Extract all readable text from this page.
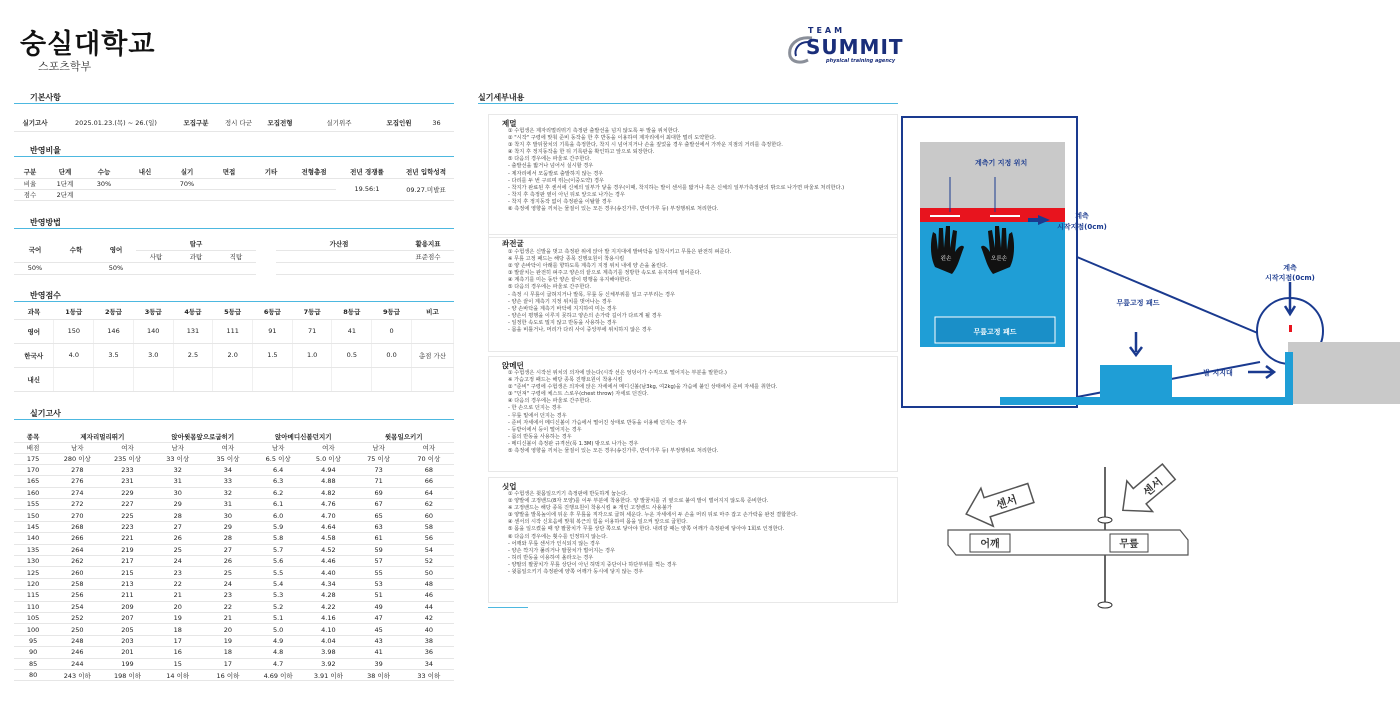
숭실대학교
스포츠학부
TEAM
SUMMIT
physical training agency
기본사항
실기고사	2025.01.23.(목) ~ 26.(일)	모집구분	정시 다군	모집전형	실기위주	모집인원	36
반영비율
구분	단계	수능	내신	실기	면접	기타	전형총점	전년 경쟁률	전년 입학성적
비율	1단계	30%		70%				19.56:1	09.27.미발표
점수	2단계								
반영방법
국어	수학	영어	탐구				가산점	활용지표
			사탐	과탐	직탐			표준점수
50%		50%						
반영점수
과목	1등급	2등급	3등급	4등급	5등급	6등급	7등급	8등급	9등급	비고
영어	150	146	140	131	111	91	71	41	0	
한국사	4.0	3.5	3.0	2.5	2.0	1.5	1.0	0.5	0.0	총점 가산
내신										
실기고사
종목	제자리멀리뛰기		앉아윗몸앞으로굽히기		앉아메디신볼던지기		윗몸일으키기	
배점	남자	여자	남자	여자	남자	여자	남자	여자
175	280 이상	235 이상	33 이상	35 이상	6.5 이상	5.0 이상	75 이상	70 이상
170	278	233	32	34	6.4	4.94	73	68
165	276	231	31	33	6.3	4.88	71	66
160	274	229	30	32	6.2	4.82	69	64
155	272	227	29	31	6.1	4.76	67	62
150	270	225	28	30	6.0	4.70	65	60
145	268	223	27	29	5.9	4.64	63	58
140	266	221	26	28	5.8	4.58	61	56
135	264	219	25	27	5.7	4.52	59	54
130	262	217	24	26	5.6	4.46	57	52
125	260	215	23	25	5.5	4.40	55	50
120	258	213	22	24	5.4	4.34	53	48
115	256	211	21	23	5.3	4.28	51	46
110	254	209	20	22	5.2	4.22	49	44
105	252	207	19	21	5.1	4.16	47	42
100	250	205	18	20	5.0	4.10	45	40
95	248	203	17	19	4.9	4.04	43	38
90	246	201	16	18	4.8	3.98	41	36
85	244	199	15	17	4.7	3.92	39	34
80	243 이하	198 이하	14 이하	16 이하	4.69 이하	3.91 이하	38 이하	33 이하
실기세부내용
제멀
① 수험생은 제자리멀리뛰기 측정판 출발선을 넘지 않도록 두 발을 위치한다.
② "시작" 구령에 맞춰 준비 동작을 한 후 반동을 이용하여 제자리에서 최대한 멀리 도약한다.
③ 착지 후 발뒤꿈치의 기록을 측정한다, 착지 시 넘어지거나 손을 짚었을 경우 출발선에서 가까운 지점의 거리를 측정한다.
④ 착지 후 정지동작을 한 뒤 기록판을 확인하고 앞으로 퇴장한다.
⑤ 다음의 경우에는 파울로 간주한다.
- 출발선을 밟거나 넘어서 실시할 경우
- 제자리에서 모둠발로 출발하지 않는 경우
- 다리를 두 번 구르며 뛰는(이중도약) 경우
- 착지가 완료된 후 센서에 신체의 일부가 닿을 경우(이때, 착지하는 발이 센서를 밟거나 혹은 신체의 일부가측정판의 밖으로 나가면 파울로 처리한다.)
- 착지 후 측정판 옆이 아닌 뒤로 앞으로 나가는 경우
- 착지 후 정지동작 없이 측정판을 이탈할 경우
⑥ 측정에 영향을 끼치는 물질이 있는 모든 경우(송진가루, 반미가루 등) 부정행위로 처리한다.
좌전굴
① 수험생은 신발을 벗고 측정판 위에 앉아 발 지지대에 발바닥을 일착시키고 무릎은 완전히 펴준다.
※ 무릎 고정 패드는 해당 종목 진행요원이 착용시킴
② 양 손바닥이 아래를 향하도록 계측기 지정 위치 내에 양 손을 올린다.
③ 발끝치는 완전히 펴주고 양손의 끝으로 계측기를 정방한 속도로 유지하며 밀어준다.
④ 계측기를 미는 동안 양손 끝이 평행을 유지해야한다.
⑤ 다음의 경우에는 파울로 간주한다.
- 측정 시 무릎이 굽혀지거나 발목, 무릎 등 신체부위를 일고 구부리는 경우
- 양손 끝이 계측기 지정 위치를 벗어나는 경우
- 양 손바닥을 계측기 바닥에 지지하여 미는 경우
- 양손이 평행을 이루지 못하고 양손의 손가락 길이가 다르게 될 경우
- 일정한 속도로 밀지 않고 반동을 사용하는 경우
- 몸을 비틀거나, 머리가 다리 사이 중앙부에 위치하지 않은 경우
앉메던
① 수험생은 시작선 위치의 의자에 앉는다(시작 선은 엉덩이가 수직으로 떨어지는 부분을 말한다.)
※ 가슴고정 패드는 해당 종목 진행요원이 착용시킴
② "준비" 구령에 수험생은 의자에 앉은 자세에서 메디신볼(남3kg, 여2kg)을 가슴에 붙인 상태에서 준비 자세를 취한다.
③ "던져" 구령에 체스트 스로우(chest throw) 자세로 던진다.
④ 다음의 경우에는 파울로 간주한다.
- 한 손으로 던지는 경우
- 무릎 밑에서 던지는 경우
- 준비 자세에서 메디신볼이 가슴에서 떨어진 상태로 반동을 이용해 던지는 경우
- 등받이에서 등이 떨어지는 경우
- 몸의 반동을 사용하는 경우
- 메디신볼이 측정판 규격선(폭 1.3M) 밖으로 나가는 경우
⑤ 측정에 영향을 끼치는 물질이 있는 모든 경우(송진가루, 반미가루 등) 부정행위로 처리한다.
싯업
① 수험생은 윗몸일으키기 측정판에 반듯하게 눕는다.
② 양발에 고정밴드(8자 모양)를 이두 부분에 착용한다. 양 발꿈치를 귀 옆으로 붙여 발이 벌어지지 않도록 준비한다.
※ 고정밴드는 해당 종목 진행요원이 착용시킴 ※ 개인 고정밴드 사용불가
③ 양발을 발목높이에 뒤운 후 무릎을 직각으로 굽혀 세운다. 누운 자세에서 두 손을 머리 뒤로 마주 잡고 손가락을 완전 결합한다.
④ 센서의 시작 신호음에 맞춰 복근의 힘을 이용하여 몸을 일으켜 앞으로 굽힌다.
⑤ 몸을 일으켰을 때 양 팔꿈치가 무릎 상단 쪽으로 닿아야 한다. 내려갈 때는 양쪽 어깨가 측정판에 닿아야 1회로 인정한다.
⑥ 다음의 경우에는 횟수를 인정하지 않는다.
- 어깨와 무릎 센서가 인식되지 않는 경우
- 양손 깍지가 풀리거나 팔꿈치가 벌어지는 경우
- 허리 반동을 이용하여 올라오는 경우
- 양팔의 팔꿈치가 무릎 상단이 아닌 허벅지 중단이나 하단부위를 찍는 경우
- 윗몸일으키기 측정판에 양쪽 어깨가 동시에 닿지 않는 경우
계측기 지정 위치
왼손	오른손
무릎고정 패드
계측
시작지점(0cm)
계측
시작지점(0cm)
무릎고정 패드
발 지지대
센서
센서
어깨	무릎
